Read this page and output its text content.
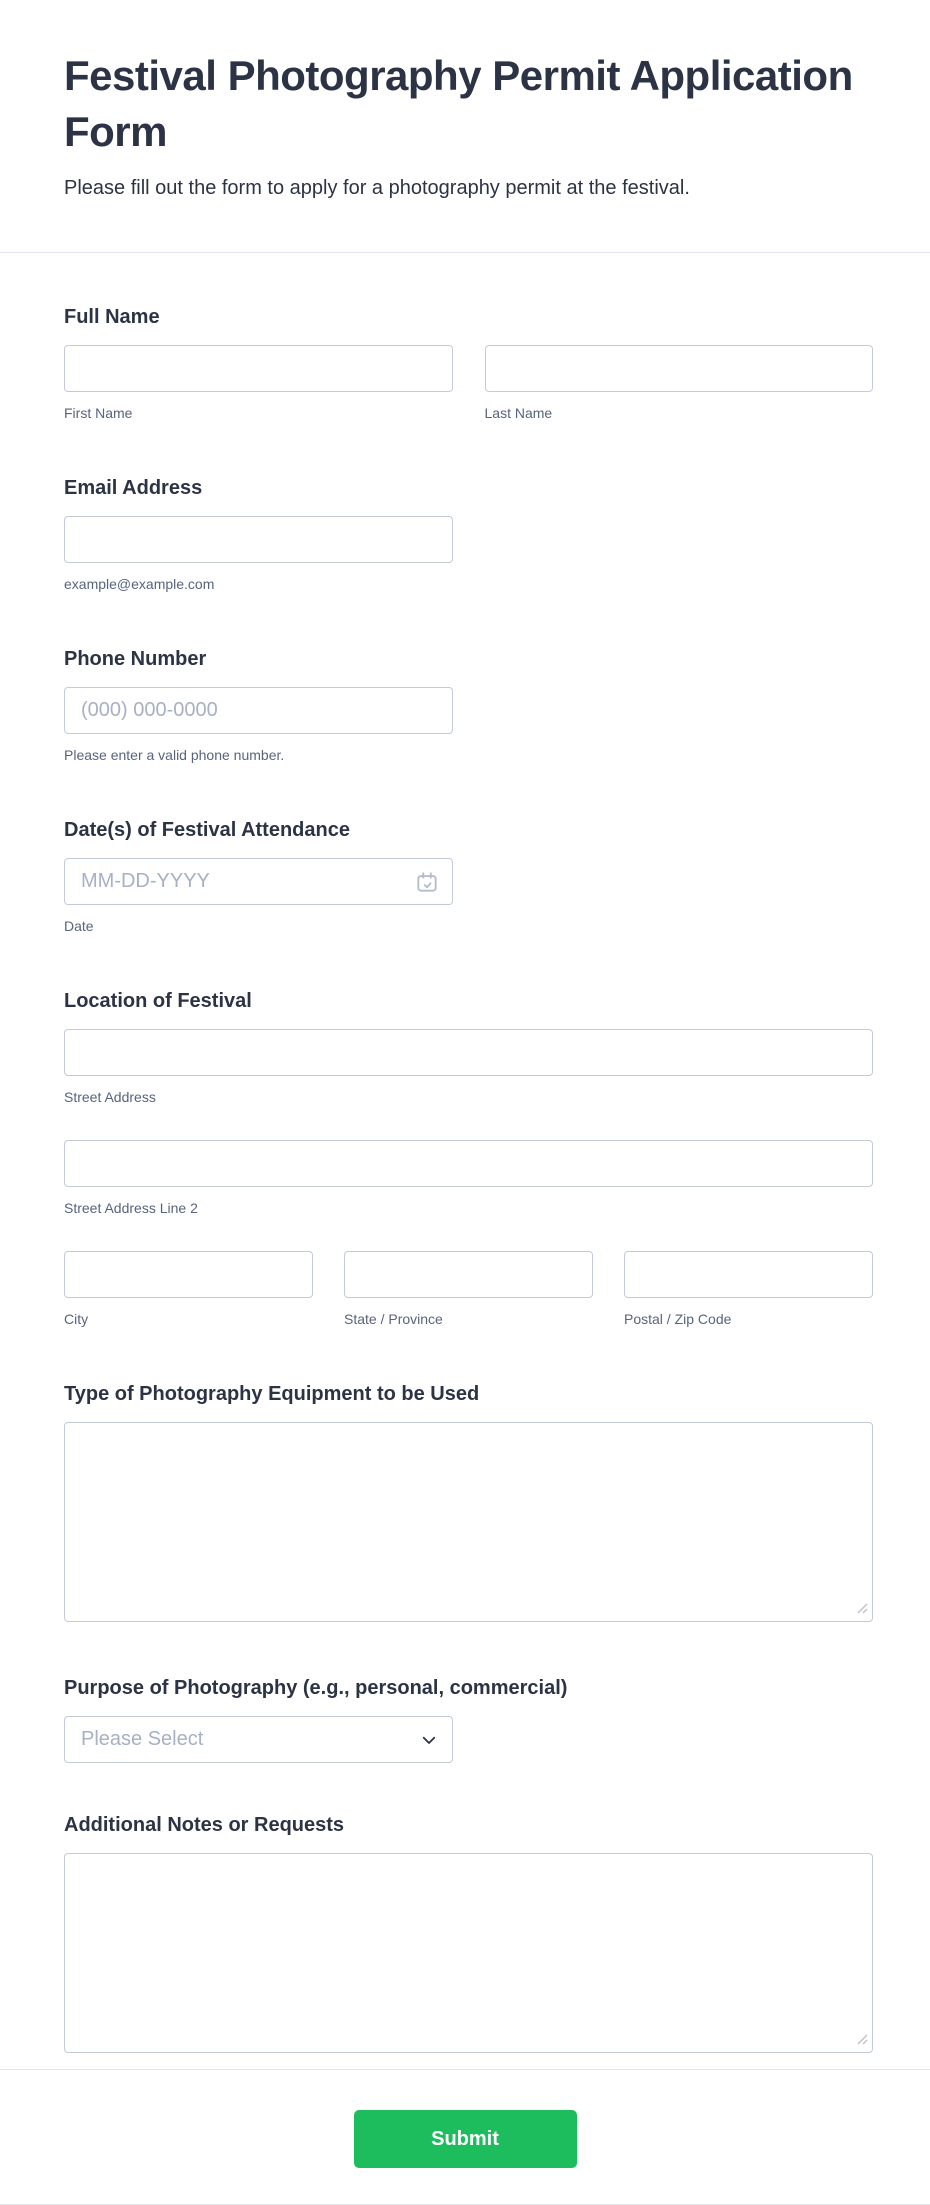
Festival Photography Permit Application
Form

Please fill out the form to apply for a photography permit at the festival.

Full Name
First Name	Last Name
Email Address
example@example.com
Phone Number
(000) 000-0000
Please enter a valid phone number.
Date(s) of Festival Attendance
MM-DD-YYYY
Date
Location of Festival
Street Address
Street Address Line 2
City	State / Province	Postal / Zip Code
Type of Photography Equipment to be Used
Purpose of Photography (e.g., personal, commercial)
Please Select
Additional Notes or Requests
Submit
